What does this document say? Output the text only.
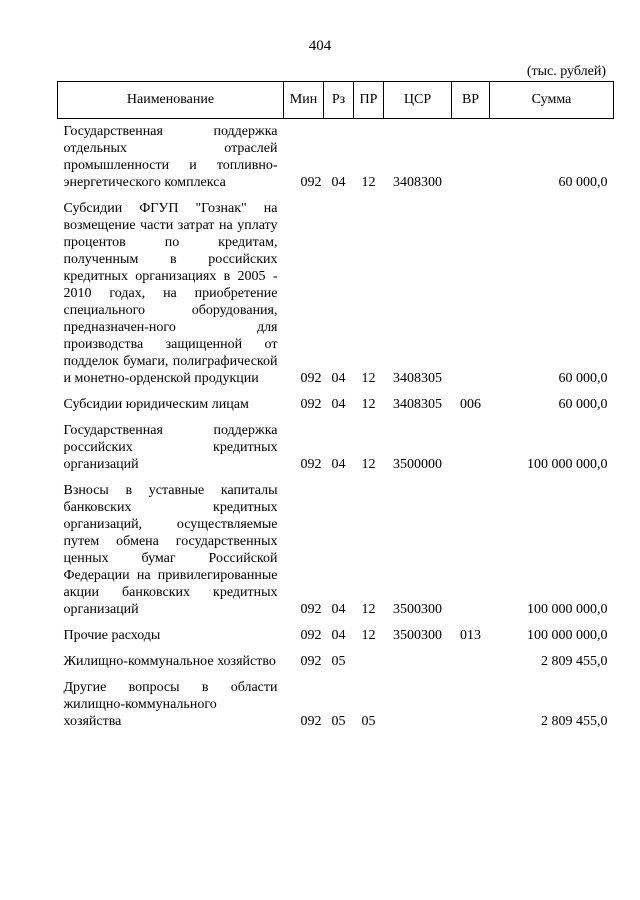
404
(тыс. рублей)
Наименование	Мин	Рз	ПР	ЦСР	ВР	Сумма

Государственная поддержка отдельных отраслей промышленности и топливно-энергетического комплекса	092	04	12	3408300		60 000,0

Субсидии ФГУП "Гознак" на возмещение части затрат на уплату процентов по кредитам, полученным в российских кредитных организациях в 2005 - 2010 годах, на приобретение специального оборудования, предназначен-ного для производства защищенной от подделок бумаги, полиграфической и монетно-орденской продукции	092	04	12	3408305		60 000,0

Субсидии юридическим лицам	092	04	12	3408305	006	60 000,0

Государственная поддержка российских кредитных организаций	092	04	12	3500000		100 000 000,0

Взносы в уставные капиталы банковских кредитных организаций, осуществляемые путем обмена государственных ценных бумаг Российской Федерации на привилегированные акции банковских кредитных организаций	092	04	12	3500300		100 000 000,0

Прочие расходы	092	04	12	3500300	013	100 000 000,0

Жилищно-коммунальное хозяйство	092	05				2 809 455,0

Другие вопросы в области жилищно-коммунального хозяйства	092	05	05			2 809 455,0
